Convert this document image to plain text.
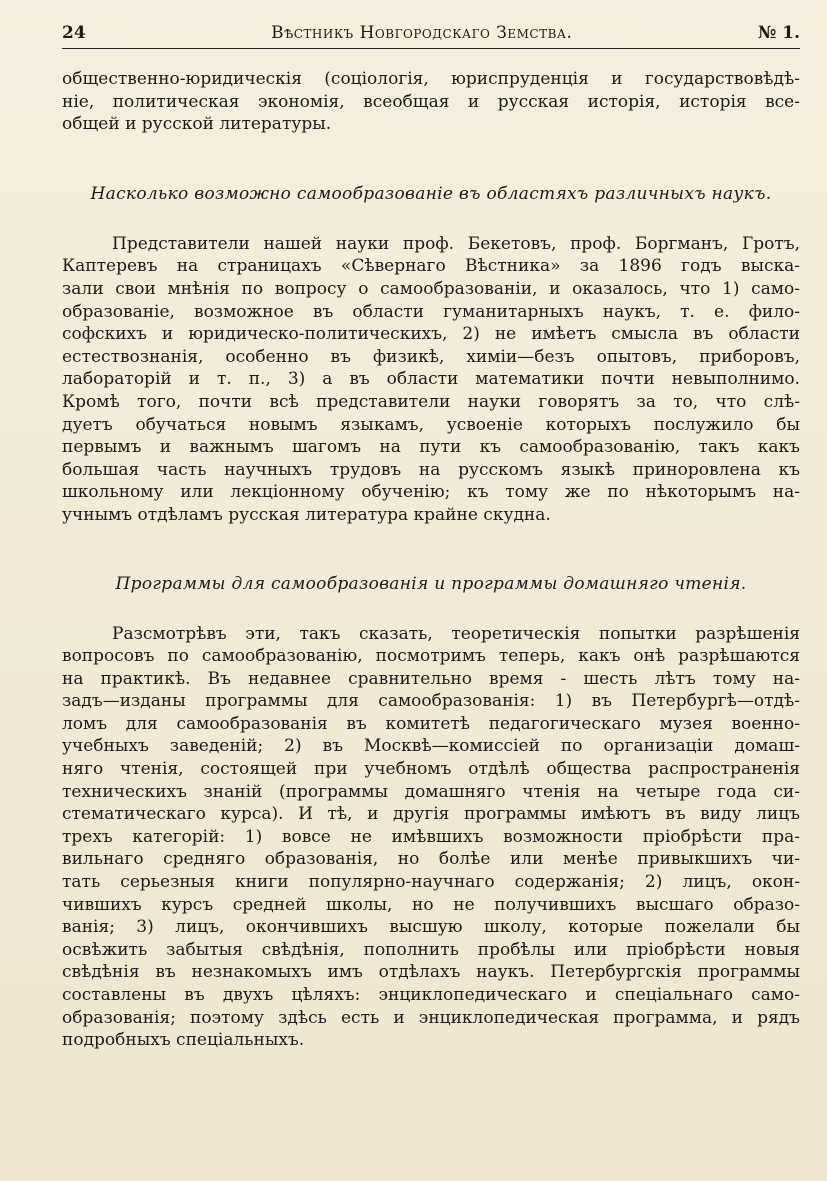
24	Вѣстникъ Новгородскаго Земства.	№ 1.
общественно-юридическія (соціологія, юриспруденція и государствовѣдѣ-
ніе, политическая экономія, всеобщая и русская исторія, исторія все-
общей и русской литературы.

Насколько возможно самообразованіе въ областяхъ различныхъ наукъ.

Представители нашей науки проф. Бекетовъ, проф. Боргманъ, Гротъ,
Каптеревъ на страницахъ «Сѣвернаго Вѣстника» за 1896 годъ выска-
зали свои мнѣнія по вопросу о самообразованіи, и оказалось, что 1) само-
образованіе, возможное въ области гуманитарныхъ наукъ, т. е. фило-
софскихъ и юридическо-политическихъ, 2) не имѣетъ смысла въ области
естествознанія, особенно въ физикѣ, химіи—безъ опытовъ, приборовъ,
лабораторій и т. п., 3) а въ области математики почти невыполнимо.
Кромѣ того, почти всѣ представители науки говорятъ за то, что слѣ-
дуетъ обучаться новымъ языкамъ, усвоеніе которыхъ послужило бы
первымъ и важнымъ шагомъ на пути къ самообразованію, такъ какъ
большая часть научныхъ трудовъ на русскомъ языкѣ приноровлена къ
школьному или лекціонному обученію; къ тому же по нѣкоторымъ на-
учнымъ отдѣламъ русская литература крайне скудна.

Программы для самообразованія и программы домашняго чтенія.

Разсмотрѣвъ эти, такъ сказать, теоретическія попытки разрѣшенія
вопросовъ по самообразованію, посмотримъ теперь, какъ онѣ разрѣшаются
на практикѣ. Въ недавнее сравнительно время - шесть лѣтъ тому на-
задъ—изданы программы для самообразованія: 1) въ Петербургѣ—отдѣ-
ломъ для самообразованія въ комитетѣ педагогическаго музея военно-
учебныхъ заведеній; 2) въ Москвѣ—комиссіей по организаціи домаш-
няго чтенія, состоящей при учебномъ отдѣлѣ общества распространенія
техническихъ знаній (программы домашняго чтенія на четыре года си-
стематическаго курса). И тѣ, и другія программы имѣютъ въ виду лицъ
трехъ категорій: 1) вовсе не имѣвшихъ возможности пріобрѣсти пра-
вильнаго средняго образованія, но болѣе или менѣе привыкшихъ чи-
тать серьезныя книги популярно-научнаго содержанія; 2) лицъ, окон-
чившихъ курсъ средней школы, но не получившихъ высшаго образо-
ванія; 3) лицъ, окончившихъ высшую школу, которые пожелали бы
освѣжить забытыя свѣдѣнія, пополнить пробѣлы или пріобрѣсти новыя
свѣдѣнія въ незнакомыхъ имъ отдѣлахъ наукъ. Петербургскія программы
составлены въ двухъ цѣляхъ: энциклопедическаго и спеціальнаго само-
образованія; поэтому здѣсь есть и энциклопедическая программа, и рядъ
подробныхъ спеціальныхъ.
